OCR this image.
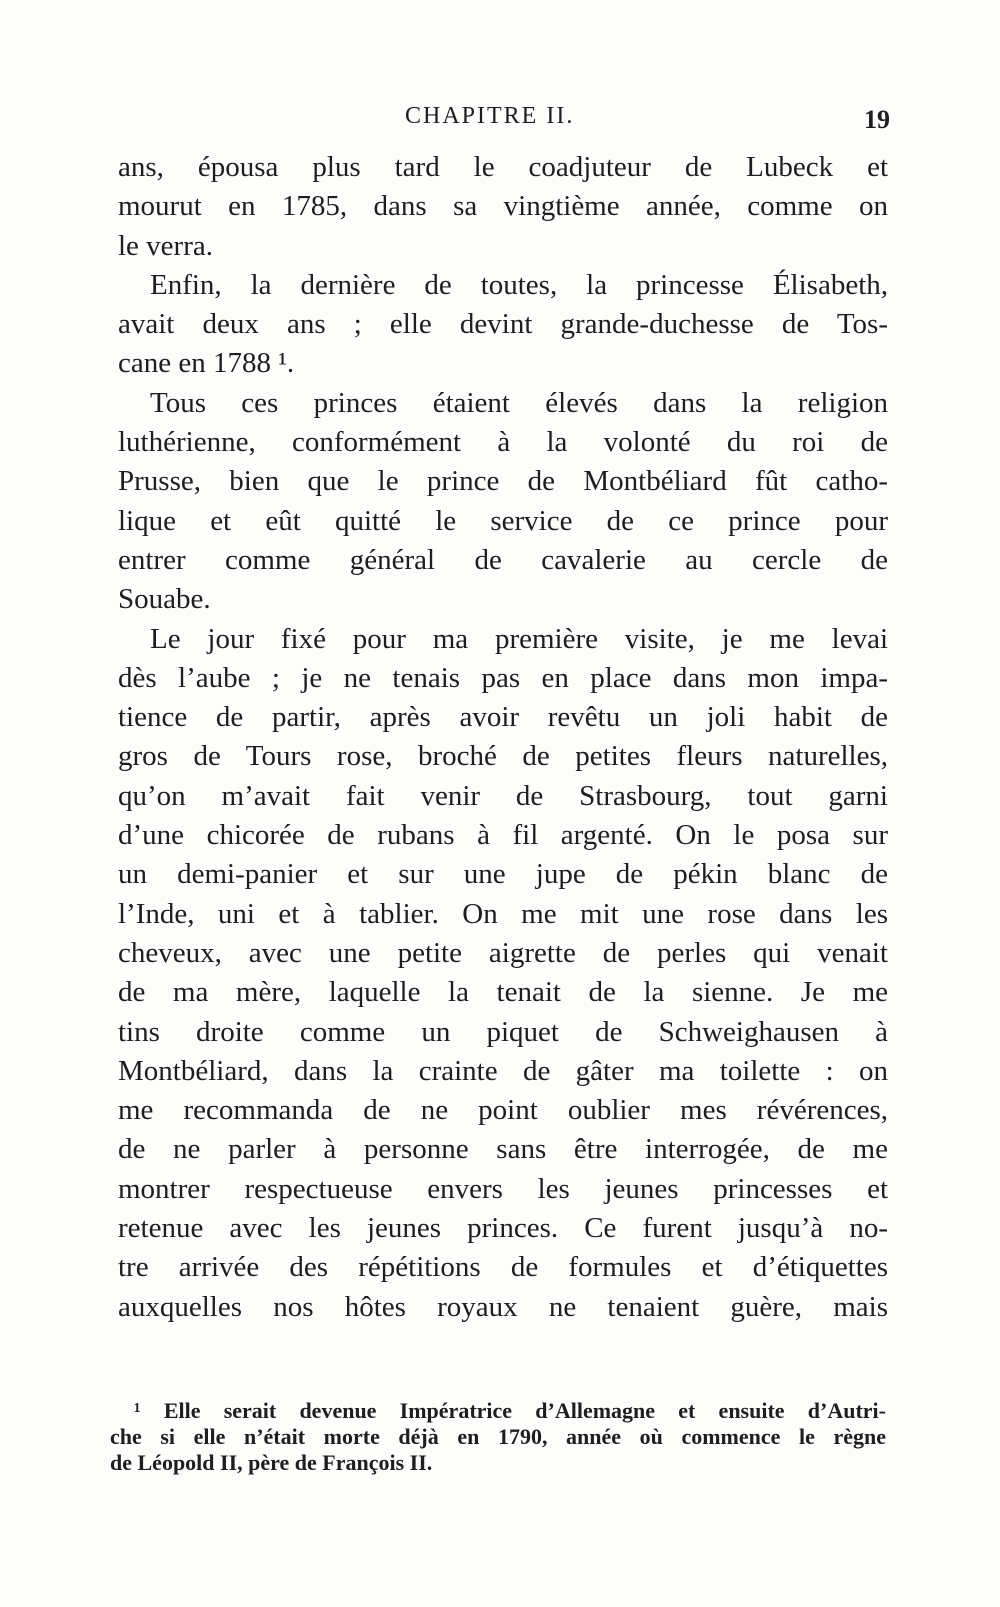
CHAPITRE II.	19
ans, épousa plus tard le coadjuteur de Lubeck et
mourut en 1785, dans sa vingtième année, comme on
le verra.
Enfin, la dernière de toutes, la princesse Élisabeth,
avait deux ans ; elle devint grande-duchesse de Tos-
cane en 1788 ¹.
Tous ces princes étaient élevés dans la religion
luthérienne, conformément à la volonté du roi de
Prusse, bien que le prince de Montbéliard fût catho-
lique et eût quitté le service de ce prince pour
entrer comme général de cavalerie au cercle de
Souabe.
Le jour fixé pour ma première visite, je me levai
dès l’aube ; je ne tenais pas en place dans mon impa-
tience de partir, après avoir revêtu un joli habit de
gros de Tours rose, broché de petites fleurs naturelles,
qu’on m’avait fait venir de Strasbourg, tout garni
d’une chicorée de rubans à fil argenté. On le posa sur
un demi-panier et sur une jupe de pékin blanc de
l’Inde, uni et à tablier. On me mit une rose dans les
cheveux, avec une petite aigrette de perles qui venait
de ma mère, laquelle la tenait de la sienne. Je me
tins droite comme un piquet de Schweighausen à
Montbéliard, dans la crainte de gâter ma toilette : on
me recommanda de ne point oublier mes révérences,
de ne parler à personne sans être interrogée, de me
montrer respectueuse envers les jeunes princesses et
retenue avec les jeunes princes. Ce furent jusqu’à no-
tre arrivée des répétitions de formules et d’étiquettes
auxquelles nos hôtes royaux ne tenaient guère, mais
¹ Elle serait devenue Impératrice d’Allemagne et ensuite d’Autri-
che si elle n’était morte déjà en 1790, année où commence le règne
de Léopold II, père de François II.
